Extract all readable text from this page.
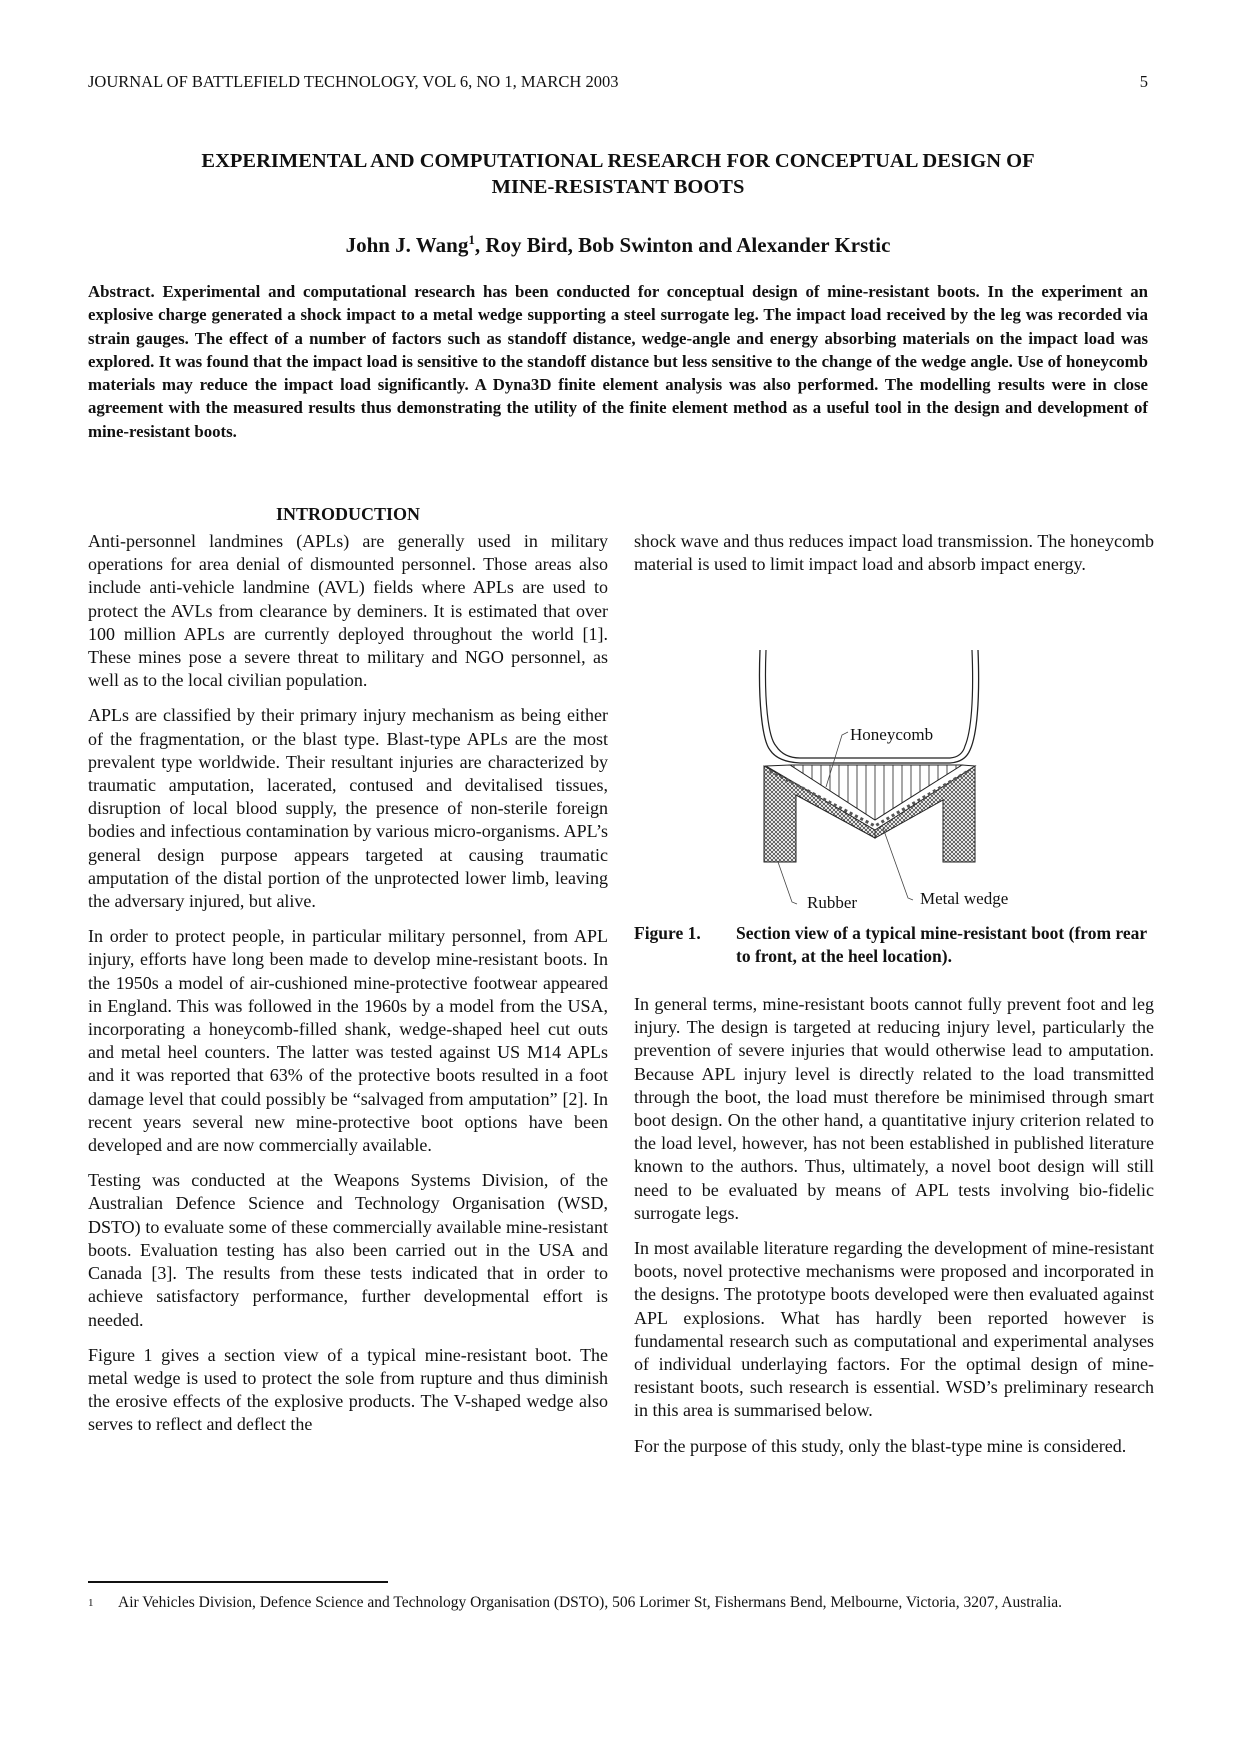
JOURNAL OF BATTLEFIELD TECHNOLOGY, VOL 6, NO 1, MARCH 2003	5
EXPERIMENTAL AND COMPUTATIONAL RESEARCH FOR CONCEPTUAL DESIGN OF
MINE-RESISTANT BOOTS
John J. Wang$^1$, Roy Bird, Bob Swinton and Alexander Krstic
Abstract. Experimental and computational research has been conducted for conceptual design of mine-resistant boots. In the experiment an explosive charge generated a shock impact to a metal wedge supporting a steel surrogate leg. The impact load received by the leg was recorded via strain gauges. The effect of a number of factors such as standoff distance, wedge-angle and energy absorbing materials on the impact load was explored. It was found that the impact load is sensitive to the standoff distance but less sensitive to the change of the wedge angle. Use of honeycomb materials may reduce the impact load significantly. A Dyna3D finite element analysis was also performed. The modelling results were in close agreement with the measured results thus demonstrating the utility of the finite element method as a useful tool in the design and development of mine-resistant boots.
INTRODUCTION

Anti-personnel landmines (APLs) are generally used in military operations for area denial of dismounted personnel. Those areas also include anti-vehicle landmine (AVL) fields where APLs are used to protect the AVLs from clearance by deminers. It is estimated that over 100 million APLs are currently deployed throughout the world [1]. These mines pose a severe threat to military and NGO personnel, as well as to the local civilian population.

APLs are classified by their primary injury mechanism as being either of the fragmentation, or the blast type. Blast-type APLs are the most prevalent type worldwide. Their resultant injuries are characterized by traumatic amputation, lacerated, contused and devitalised tissues, disruption of local blood supply, the presence of non-sterile foreign bodies and infectious contamination by various micro-organisms. APL’s general design purpose appears targeted at causing traumatic amputation of the distal portion of the unprotected lower limb, leaving the adversary injured, but alive.

In order to protect people, in particular military personnel, from APL injury, efforts have long been made to develop mine-resistant boots. In the 1950s a model of air-cushioned mine-protective footwear appeared in England. This was followed in the 1960s by a model from the USA, incorporating a honeycomb-filled shank, wedge-shaped heel cut outs and metal heel counters. The latter was tested against US M14 APLs and it was reported that 63% of the protective boots resulted in a foot damage level that could possibly be “salvaged from amputation” [2]. In recent years several new mine-protective boot options have been developed and are now commercially available.

Testing was conducted at the Weapons Systems Division, of the Australian Defence Science and Technology Organisation (WSD, DSTO) to evaluate some of these commercially available mine-resistant boots. Evaluation testing has also been carried out in the USA and Canada [3]. The results from these tests indicated that in order to achieve satisfactory performance, further developmental effort is needed.

Figure 1 gives a section view of a typical mine-resistant boot. The metal wedge is used to protect the sole from rupture and thus diminish the erosive effects of the explosive products. The V-shaped wedge also serves to reflect and deflect the

shock wave and thus reduces impact load transmission. The honeycomb material is used to limit impact load and absorb impact energy.

Honeycomb
Rubber	Metal wedge
Figure 1.	Section view of a typical mine-resistant boot (from rear to front, at the heel location).

In general terms, mine-resistant boots cannot fully prevent foot and leg injury. The design is targeted at reducing injury level, particularly the prevention of severe injuries that would otherwise lead to amputation. Because APL injury level is directly related to the load transmitted through the boot, the load must therefore be minimised through smart boot design. On the other hand, a quantitative injury criterion related to the load level, however, has not been established in published literature known to the authors. Thus, ultimately, a novel boot design will still need to be evaluated by means of APL tests involving bio-fidelic surrogate legs.

In most available literature regarding the development of mine-resistant boots, novel protective mechanisms were proposed and incorporated in the designs. The prototype boots developed were then evaluated against APL explosions. What has hardly been reported however is fundamental research such as computational and experimental analyses of individual underlaying factors. For the optimal design of mine-resistant boots, such research is essential. WSD’s preliminary research in this area is summarised below.

For the purpose of this study, only the blast-type mine is considered.

1	Air Vehicles Division, Defence Science and Technology Organisation (DSTO), 506 Lorimer St, Fishermans Bend, Melbourne, Victoria, 3207, Australia.
